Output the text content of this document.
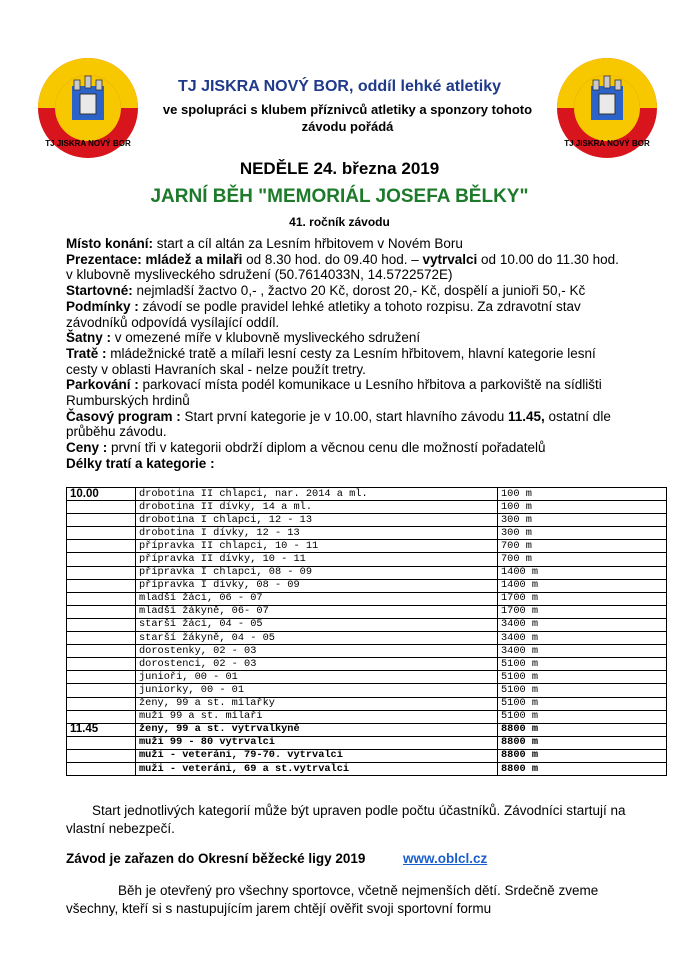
TJ JISKRA NOVÝ BOR	TJ JISKRA NOVÝ BOR
TJ JISKRA NOVÝ BOR, oddíl lehké atletiky
ve spolupráci s klubem příznivců atletiky a sponzory tohoto
závodu pořádá
NEDĚLE 24. března 2019
JARNÍ BĚH "MEMORIÁL JOSEFA BĚLKY"
41. ročník závodu

Místo konání: start a cíl altán za Lesním hřbitovem v Novém Boru

Prezentace: mládež a milaři od 8.30 hod. do 09.40 hod. – vytrvalci od 10.00 do 11.30 hod. v klubovně mysliveckého sdružení (50.7614033N, 14.5722572E)

Startovné: nejmladší žactvo 0,- , žactvo 20 Kč, dorost 20,- Kč, dospělí a junioři 50,- Kč

Podmínky : závodí se podle pravidel lehké atletiky a tohoto rozpisu. Za zdravotní stav závodníků odpovídá vysílající oddíl.

Šatny : v omezené míře v klubovně mysliveckého sdružení

Tratě : mládežnické tratě a mílaři lesní cesty za Lesním hřbitovem, hlavní kategorie lesní cesty v oblasti Havraních skal - nelze použít tretry.

Parkování : parkovací místa podél komunikace u Lesního hřbitova a parkoviště na sídlišti Rumburských hrdinů

Časový program : Start první kategorie je v 10.00, start hlavního závodu 11.45, ostatní dle průběhu závodu.

Ceny : první tři v kategorii obdrží diplom a věcnou cenu dle možností pořadatelů

Délky tratí a kategorie :

10.00	drobotina II chlapci, nar. 2014 a ml.	100 m
	drobotina II dívky, 14 a ml.	100 m
	drobotina I chlapci, 12 - 13	300 m
	drobotina I dívky, 12 - 13	300 m
	přípravka II chlapci, 10 - 11	700 m
	přípravka II dívky, 10 - 11	700 m
	přípravka I chlapci, 08 - 09	1400 m
	přípravka I dívky, 08 - 09	1400 m
	mladší žáci, 06 - 07	1700 m
	mladší žákyně, 06- 07	1700 m
	starší žáci, 04 - 05	3400 m
	starší žákyně, 04 - 05	3400 m
	dorostenky, 02 - 03	3400 m
	dorostenci, 02 - 03	5100 m
	junioři, 00 - 01	5100 m
	juniorky, 00 - 01	5100 m
	ženy, 99 a st. mílařky	5100 m
	muži 99 a st. mílaři	5100 m
11.45	ženy, 99 a st. vytrvalkyně	8800 m
	muži 99 - 80 vytrvalci	8800 m
	muži - veteráni, 79-70. vytrvalci	8800 m
	muži - veteráni, 69 a st.vytrvalci	8800 m

Start jednotlivých kategorií může být upraven podle počtu účastníků. Závodníci startují na vlastní nebezpečí.

Závod je zařazen do Okresní běžecké ligy 2019	www.oblcl.cz

Běh je otevřený pro všechny sportovce, včetně nejmenších dětí. Srdečně zveme všechny, kteří si s nastupujícím jarem chtějí ověřit svoji sportovní formu
